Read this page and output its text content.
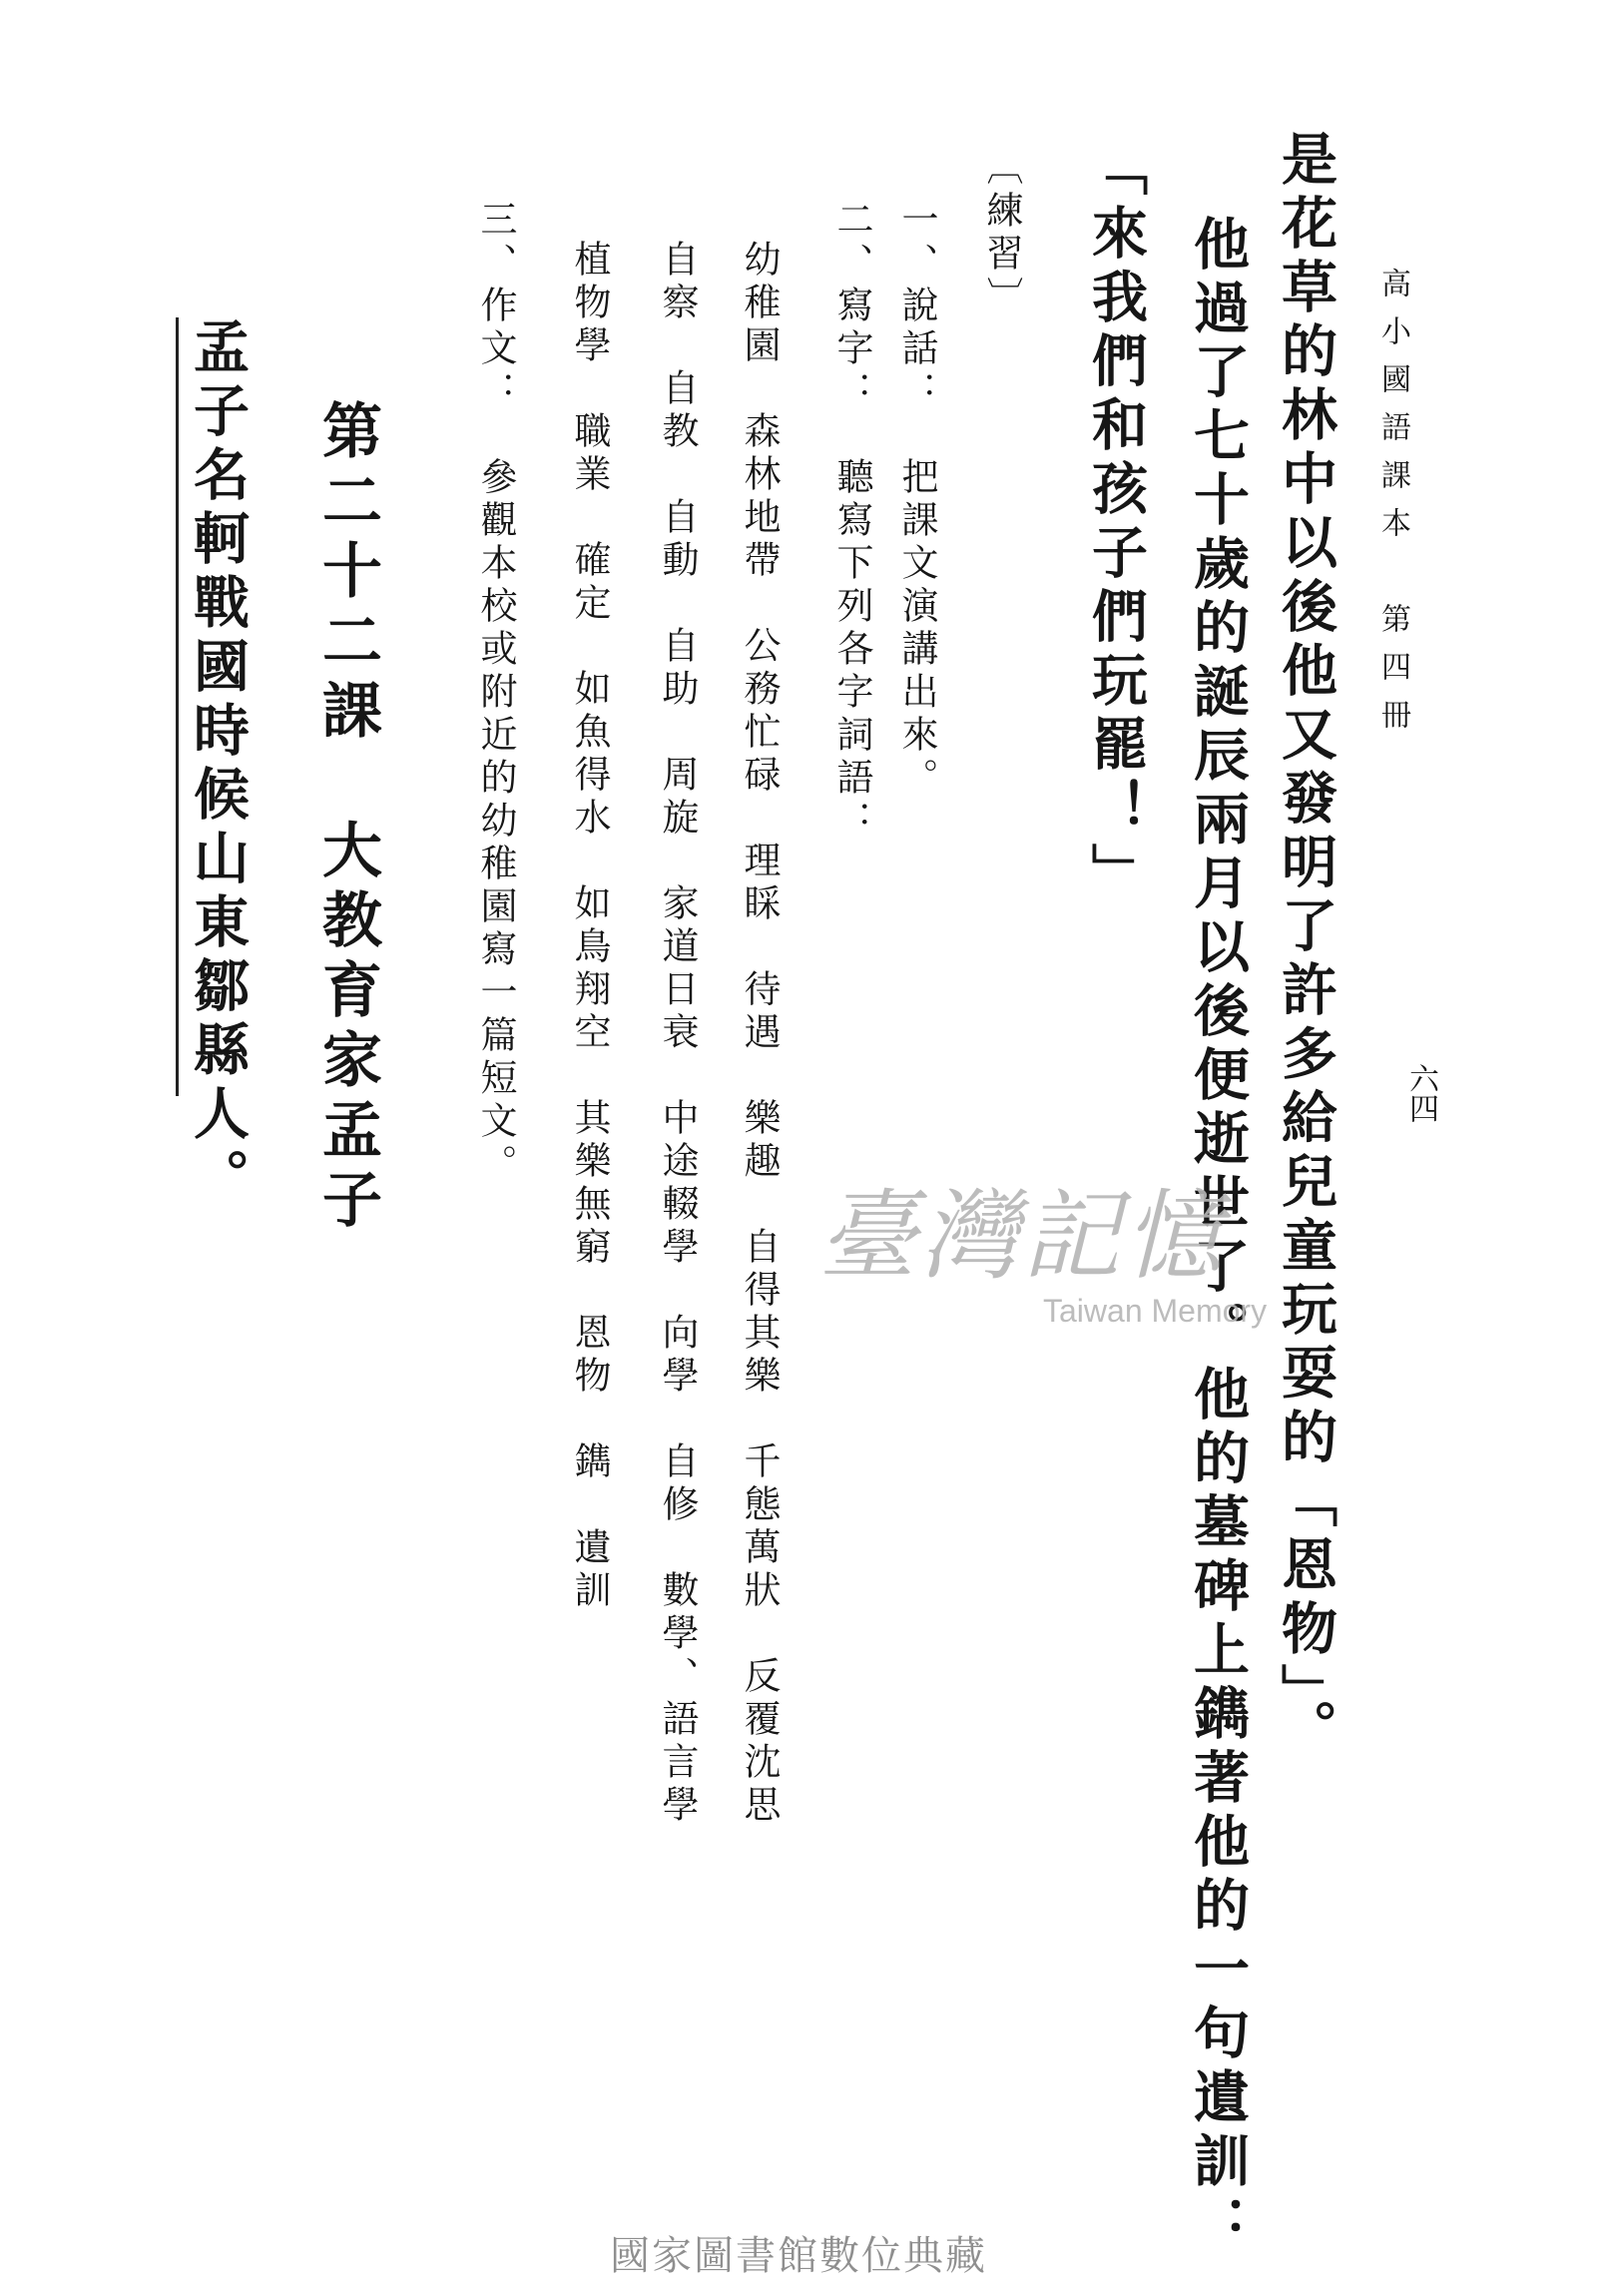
高小國語課本　第四冊
六四
是花草的林中以後他又發明了許多給兒童玩耍的「恩物」。
他過了七十歲的誕辰兩月以後便逝世了。他的墓碑上鐫著他的一句遺訓：
「來我們和孩子們玩罷！」
〔練習〕
一、說話：　把課文演講出來。
二、寫字：　聽寫下列各字詞語：
幼稚園　森林地帶　公務忙碌　理睬　待遇　樂趣　自得其樂　千態萬狀　反覆沈思
自察　自教　自動　自助　周旋　家道日衰　中途輟學　向學　自修　數學、語言學
植物學　職業　確定　如魚得水　如鳥翔空　其樂無窮　恩物　鐫　遺訓
三、作文：　參觀本校或附近的幼稚園寫一篇短文。
第二十二課　大教育家孟子
孟子名軻戰國時候山東鄒縣人。
臺灣記憶
Taiwan Memory
國家圖書館數位典藏
